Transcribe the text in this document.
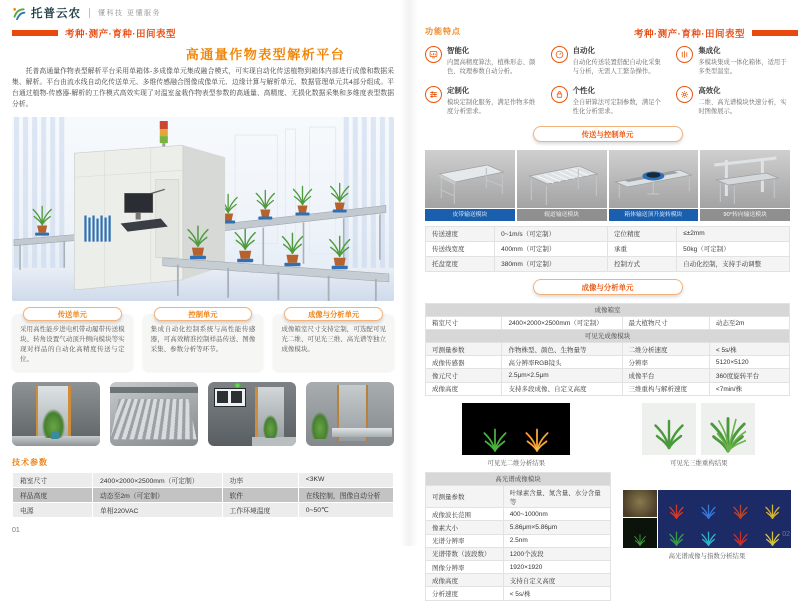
托普云农 懂科技 更懂服务
考种·测产·育种·田间表型	考种·测产·育种·田间表型
高通量作物表型解析平台

托普高通量作物表型解析平台采用单箱体-多成像单元集成融合模式，可实现自动化传送植物到箱体内部进行成像和数据采集、解析。平台由流水线自动化传送单元、多维传感融合图像成像单元、边缘计算与解析单元、数据管理单元共4部分组成。平台通过植物-传感器-解析的工作模式高效实现了对温室盆栽作物表型参数的高通量、高精度、无损化数据采集和多维度表型数据分析。

传送单元

采用高性能步进电机带动履带传送模块、转角设置气动顶升侧向模块等实现对样品的自动化高精度传送与定位。

控制单元

集成自动化控制系统与高性能传感器，可高效精准控制样品传送、图像采集、参数分析等环节。

成像与分析单元

成像箱室尺寸支持定制，可选配可见光二维、可见光三维、高光谱等独立成像模块。

技术参数
箱室尺寸	2400×2000×2500mm（可定制）	功率	<3KW
样品高度	动态至2m（可定制）	软件	在线控制，图像自动分析
电源	单相220VAC	工作环境温度	0~50℃
01
功能特点
智能化
内置高精度算法，植株形态、颜色、纹理参数自动分析。
自动化
自动化传送装置搭配自动化采集与分析，无需人工繁杂操作。
集成化
多模块集成一体化箱体，适用于多类型温室。
定制化
模块定制化服务，满足作物多维度分析需求。
个性化
全自研算法可定制参数，满足个性化分析需求。
高效化
二维、高光谱模块快速分析，实时图像展示。
传送与控制单元
皮带输送模块	辊道输送模块	箱体输送顶升旋转模块	90°转向输送模块
传送速度	0~1m/s（可定制）	定位精度	≤±2mm
传送线宽度	400mm（可定制）	承重	50kg（可定制）
托盘宽度	380mm（可定制）	控制方式	自动化控制，支持手动调整
成像与分析单元
成像箱室			
箱室尺寸	2400×2000×2500mm（可定制）	最大植物尺寸	动态至2m
可见光成像模块			
可测量参数	作物株型、颜色、生物量等	二维分析速度	< 5s/株
成像传感器	高分辨率RGB镜头	分辨率	5120×5120
像元尺寸	2.5μm×2.5μm	成像平台	360度旋转平台
成像高度	支持多段成像、自定义高度	三维重构与解析速度	<7min/株
可见光二维分析结果	可见光三维重构结果
高光谱成像模块	
可测量参数	叶绿素含量、氮含量、水分含量等
成像波长范围	400~1000nm
像素大小	5.86μm×5.86μm
光谱分辨率	2.5nm
光谱带数（波段数）	1200个波段
图像分辨率	1920×1920
成像高度	支持自定义高度
分析速度	< 5s/株
高光谱成像与指数分析结果
02
